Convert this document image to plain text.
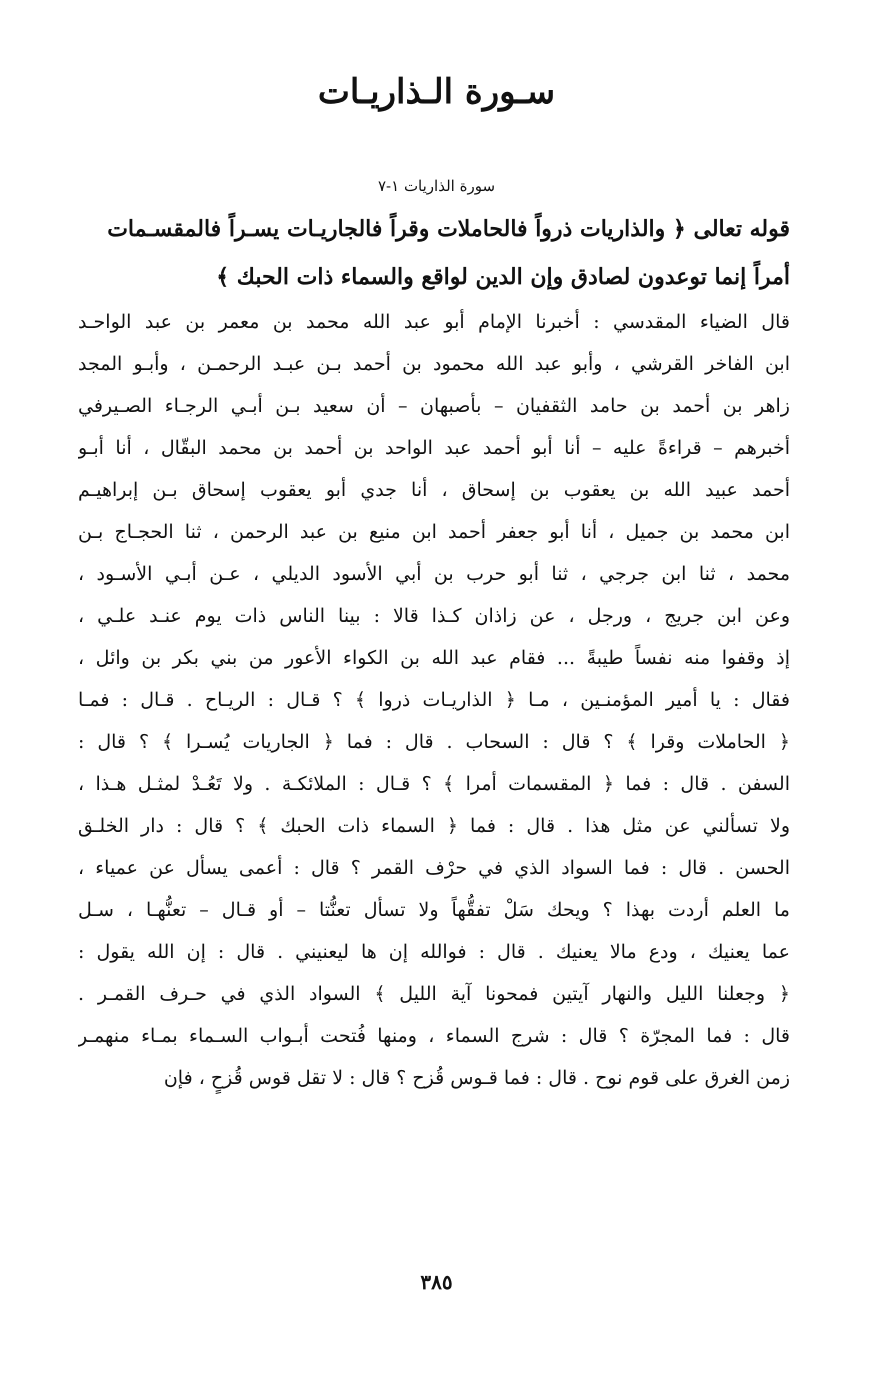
سـورة الـذاريـات
سورة الذاريات ١-٧
قوله تعالى ﴿ والذاريات ذرواً فالحاملات وقراً فالجاريـات يسـراً فالمقسـمات
أمراً إنما توعدون لصادق وإن الدين لواقع والسماء ذات الحبك ﴾
قال الضياء المقدسي : أخبرنا الإمام أبو عبد الله محمد بن معمر بن عبد الواحـد
ابن الفاخر القرشي ، وأبو عبد الله محمود بن أحمد بـن عبـد الرحمـن ، وأبـو المجد
زاهر بن أحمد بن حامد الثقفيان – بأصبهان – أن سعيد بـن أبـي الرجـاء الصـيرفي
أخبرهم – قراءةً عليه – أنا أبو أحمد عبد الواحد بن أحمد بن محمد البقّال ، أنا أبـو
أحمد عبيد الله بن يعقوب بن إسحاق ، أنا جدي أبو يعقوب إسحاق بـن إبراهيـم
ابن محمد بن جميل ، أنا أبو جعفر أحمد ابن منيع بن عبد الرحمن ، ثنا الحجـاج بـن
محمد ، ثنا ابن جرجي ، ثنا أبو حرب بن أبي الأسود الديلي ، عـن أبـي الأسـود ،
وعن ابن جريج ، ورجل ، عن زاذان كـذا قالا : بينا الناس ذات يوم عنـد علـي ،
إذ وقفوا منه نفساً طيبةً ... فقام عبد الله بن الكواء الأعور من بني بكر بن وائل ،
فقال : يا أمير المؤمنـين ، مـا ﴿ الذاريـات ذروا ﴾ ؟ قـال : الريـاح . قـال : فمـا
﴿ الحاملات وقرا ﴾ ؟ قال : السحاب . قال : فما ﴿ الجاريات يُسـرا ﴾ ؟ قال :
السفن . قال : فما ﴿ المقسمات أمرا ﴾ ؟ قـال : الملائكـة . ولا تَعُـدْ لمثـل هـذا ،
ولا تسألني عن مثل هذا . قال : فما ﴿ السماء ذات الحبك ﴾ ؟ قال : دار الخلـق
الحسن . قال : فما السواد الذي في حرْف القمر ؟ قال : أعمى يسأل عن عمياء ،
ما العلم أردت بهذا ؟ ويحك سَلْ تفقُّهاً ولا تسأل تعنُّتا – أو قـال – تعنُّهـا ، سـل
عما يعنيك ، ودع مالا يعنيك . قال : فوالله إن ها ليعنيني . قال : إن الله يقول :
﴿ وجعلنا الليل والنهار آيتين فمحونا آية الليل ﴾ السواد الذي في حـرف القمـر .
قال : فما المجرّة ؟ قال : شرج السماء ، ومنها فُتحت أبـواب السـماء بمـاء منهمـر
زمن الغرق على قوم نوح . قال : فما قـوس قُزح ؟ قال : لا تقل قوس قُزحٍ ، فإن
٣٨٥
